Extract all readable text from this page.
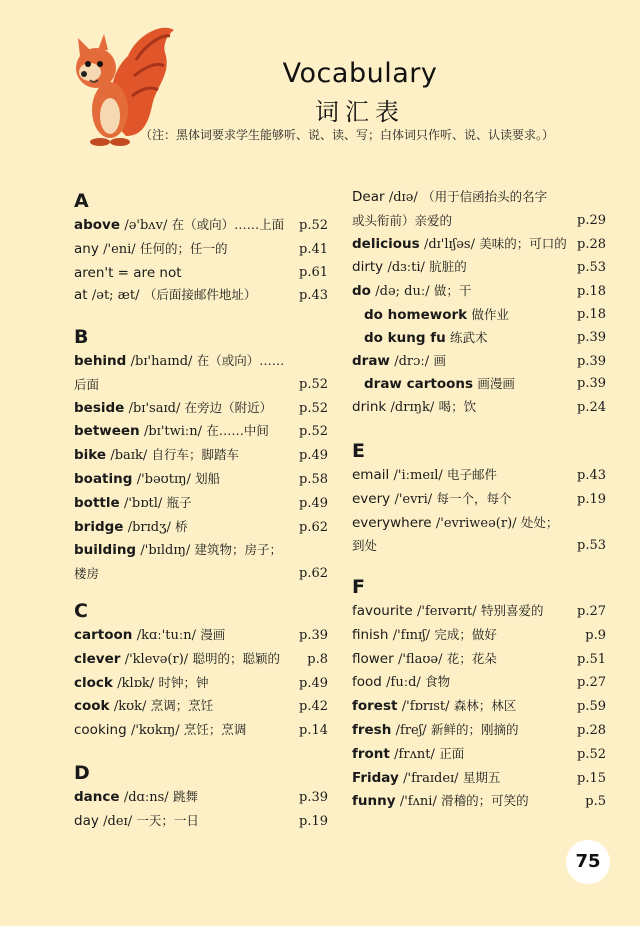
Vocabulary
词汇表
（注：黑体词要求学生能够听、说、读、写；白体词只作听、说、认读要求。）
A
above /ə'bʌv/ 在（或向）……上面	p.52
any /'eni/ 任何的；任一的	p.41
aren't = are not	p.61
at /ət; æt/ （后面接邮件地址）	p.43
B
behind /bɪ'haɪnd/ 在（或向）……
后面	p.52
beside /bɪ'saɪd/ 在旁边（附近）	p.52
between /bɪ'twiːn/ 在……中间	p.52
bike /baɪk/ 自行车；脚踏车	p.49
boating /'bəʊtɪŋ/ 划船	p.58
bottle /'bɒtl/ 瓶子	p.49
bridge /brɪdʒ/ 桥	p.62
building /'bɪldɪŋ/ 建筑物；房子；
楼房	p.62
C
cartoon /kɑː'tuːn/ 漫画	p.39
clever /'klevə(r)/ 聪明的；聪颖的	p.8
clock /klɒk/ 时钟；钟	p.49
cook /kʊk/ 烹调；烹饪	p.42
cooking /'kʊkɪŋ/ 烹饪；烹调	p.14
D
dance /dɑːns/ 跳舞	p.39
day /deɪ/ 一天；一日	p.19
Dear /dɪə/ （用于信函抬头的名字
或头衔前）亲爱的	p.29
delicious /dɪ'lɪʃəs/ 美味的；可口的 p.28
dirty /dɜːti/ 肮脏的	p.53
do /də; duː/ 做；干	p.18
do homework 做作业	p.18
do kung fu 练武术	p.39
draw /drɔː/ 画	p.39
draw cartoons 画漫画	p.39
drink /drɪŋk/ 喝；饮	p.24
E
email /'iːmeɪl/ 电子邮件	p.43
every /'evri/ 每一个，每个	p.19
everywhere /'evriweə(r)/ 处处；
到处	p.53
F
favourite /'feɪvərɪt/ 特别喜爱的	p.27
finish /'fɪnɪʃ/ 完成；做好	p.9
flower /'flaʊə/ 花；花朵	p.51
food /fuːd/ 食物	p.27
forest /'fɒrɪst/ 森林；林区	p.59
fresh /freʃ/ 新鲜的；刚摘的	p.28
front /frʌnt/ 正面	p.52
Friday /'fraɪdeɪ/ 星期五	p.15
funny /'fʌni/ 滑稽的；可笑的	p.5
75
